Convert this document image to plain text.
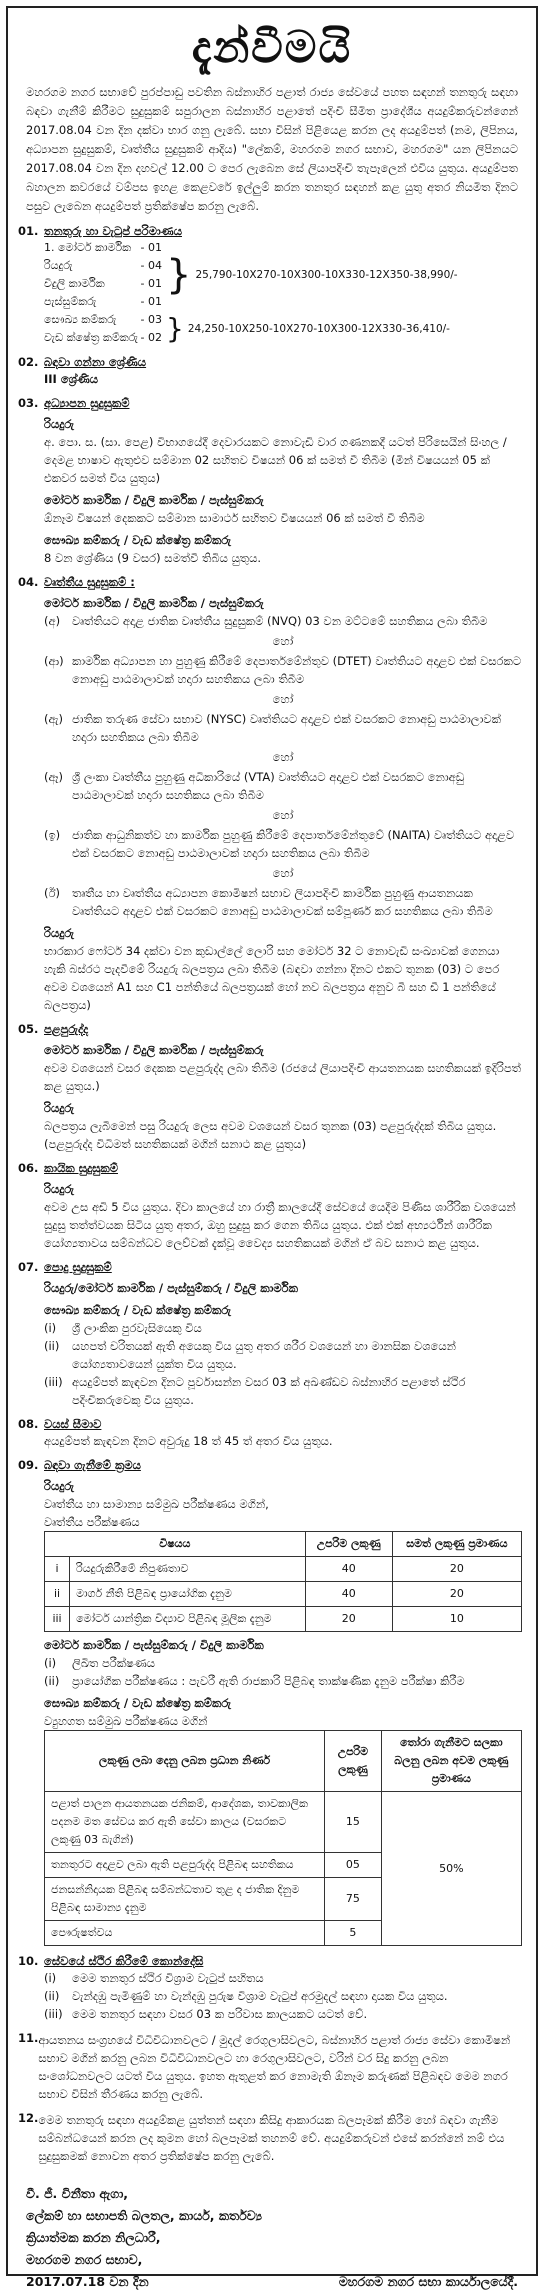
දැන්වීමයි
මහරගම නගර සභාවේ පුරප්පාඩු පවතින බස්නාහිර පළාත් රාජ්‍ය සේවයේ පහත සඳහන් තනතුරු සඳහා බඳවා ගැනීම් කිරීමට සුදුසුකම් සපුරාලන බස්නාහිර පළාතේ පදිංචි සීමිත ප්‍රාදේශීය අයදුම්කරුවන්ගෙන් 2017.08.04 වන දින දක්වා භාර ගනු ලැබේ. සභා විසින් පිළියෙළ කරන ලද අයදුම්පත් (නම, ලිපිනය, අධ්‍යාපන සුදුසුකම්, වෘත්තීය සුදුසුකම් ආදිය) "ලේකම්, මහරගම නගර සභාව, මහරගම" යන ලිපිනයට 2017.08.04 වන දින දහවල් 12.00 ට පෙර ලැබෙන සේ ලියාපදිංචි තැපෑලෙන් එවිය යුතුය. අයදුම්පත බහාලන කවරයේ වම්පස ඉහළ කෙළවරේ ඉල්ලුම් කරන තනතුර සඳහන් කළ යුතු අතර නියමිත දිනට පසුව ලැබෙන අයදුම්පත් ප්‍රතික්ෂේප කරනු ලැබේ.
01. තනතුරු හා වැටුප් පරිමාණය
1. මෝටර් කාර්මික - 01
රියදුරු	- 04
විදුලි කාර්මික	- 01
පැස්සුම්කරු	- 01
} 25,790-10X270-10X300-10X330-12X350-38,990/-
සෞඛ්‍ය කම්කරු - 03
වැඩ ක්ෂේත්‍ර කම්කරු - 02 } 24,250-10X250-10X270-10X300-12X330-36,410/-
02. බඳවා ගන්නා ශ්‍රේණිය
III ශ්‍රේණිය
03. අධ්‍යාපන සුදුසුකම්
රියදුරු
අ. පො. ස. (සා. පෙළ) විභාගයේදී දෙවාරයකට නොවැඩි වාර ගණනකදී යටත් පිරිසෙයින් සිංහල / දෙමළ භාෂාව ඇතුළුව සම්මාන 02 සහිතව විෂයන් 06 ක් සමත් වී තිබීම (මින් විෂයයන් 05 ක් එකවර සමත් විය යුතුය)
මෝටර් කාර්මික / විදුලි කාර්මික / පැස්සුම්කරු
ඕනෑම විෂයන් දෙකකට සම්මාන සාමාර්ථ සහිතව විෂයයන් 06 ක් සමත් වී තිබීම
සෞඛ්‍ය කම්කරු / වැඩ ක්ෂේත්‍ර කම්කරු
8 වන ශ්‍රේණිය (9 වසර) සමත්වී තිබිය යුතුය.
04. වෘත්තීය සුදුසුකම් :
මෝටර් කාර්මික / විදුලි කාර්මික / පැස්සුම්කරු
(අ)	වෘත්තියට අදාළ ජාතික වෘත්තීය සුදුසුකම් (NVQ) 03 වන මට්ටමේ සහතිකය ලබා තිබීම
හෝ
(ආ) කාර්මික අධ්‍යාපන හා පුහුණු කිරීමේ දෙපාර්තමේන්තුව (DTET) වෘත්තියට අදාළව එක් වසරකට නොඅඩු පාඨමාලාවක් හදාරා සහතිකය ලබා තිබීම
හෝ
(ඇ) ජාතික තරුණ සේවා සභාව (NYSC) වෘත්තියට අදාළව එක් වසරකට නොඅඩු පාඨමාලාවක් හදාරා සහතිකය ලබා තිබීම
හෝ
(ඈ) ශ්‍රී ලංකා වෘත්තීය පුහුණු අධිකාරියේ (VTA) වෘත්තියට අදාළව එක් වසරකට නොඅඩු පාඨමාලාවක් හදාරා සහතිකය ලබා තිබීම
හෝ
(ඉ)	ජාතික ආධුනිකත්ව හා කාර්මික පුහුණු කිරීමේ දෙපාර්තමේන්තුවේ (NAITA) වෘත්තියට අදාළව එක් වසරකට නොඅඩු පාඨමාලාවක් හදාරා සහතිකය ලබා තිබීම
හෝ
(ඊ)	තෘතීය හා වෘත්තීය අධ්‍යාපන කොමිෂන් සභාව ලියාපදිංචි කාර්මික පුහුණු ආයතනයක වෘත්තියට අදාළව එක් වසරකට නොඅඩු පාඨමාලාවක් සම්පූර්ණ කර සහතිකය ලබා තිබීම
රියදුරු
භාරකාර ෆෝටර් 34 දක්වා වන කුඩාල්ලේ ලොරි සහ මෝටර් 32 ට නොවැඩි සංඛ්‍යාවක් ගෙනයා හැකි බස්රථ පැදවීමේ රියදුරු බලපත්‍රය ලබා තිබීම (බඳවා ගන්නා දිනට එකට තුනක (03) ට පෙර අවම වශයෙන් A1 සහ C1 පන්තියේ බලපත්‍රයක් හෝ නව බලපත්‍රය අනුව බී සහ ඩී 1 පන්තියේ බලපත්‍රය)
05. පළපුරුද්ද
මෝටර් කාර්මික / විදුලි කාර්මික / පැස්සුම්කරු
අවම වශයෙන් වසර දෙකක පළපුරුද්ද ලබා තිබීම (රජයේ ලියාපදිංචි ආයතනයක සහතිකයක් ඉදිරිපත් කළ යුතුය.)
රියදුරු
බලපත්‍රය ලැබීමෙන් පසු රියදුරු ලෙස අවම වශයෙන් වසර තුනක (03) පළපුරුද්දක් තිබිය යුතුය. (පළපුරුද්ද විධිමත් සහතිකයක් මගින් සනාථ කළ යුතුය)
06. කායික සුදුසුකම්
රියදුරු
අවම උස අඩි 5 විය යුතුය. දිවා කාලයේ හා රාත්‍රී කාලයේදී සේවයේ යෙදීම පිණිස ශාරීරික වශයෙන් සුදුසු තත්ත්වයක සිටිය යුතු අතර, ඔහු සුදුසු කර ගෙන තිබිය යුතුය. එක් එක් අභ්‍යර්ථීන් ශාරීරික යෝග්‍යතාවය සම්බන්ධව ලෙව්වක් දැක්වූ වෛද්‍ය සහතිකයක් මගින් ඒ බව සනාථ කළ යුතුය.
07. පොදු සුදුසුකම්
රියදුරු/මෝටර් කාර්මික / පැස්සුම්කරු / විදුලි කාර්මික
සෞඛ්‍ය කම්කරු / වැඩ ක්ෂේත්‍ර කම්කරු
(i)	ශ්‍රී ලාංකික පුරවැසියෙකු විය
(ii)	යහපත් චරිතයක් ඇති අයෙකු විය යුතු අතර ශරීර වශයෙන් හා මානසික වශයෙන් යෝග්‍යතාවයෙන් යුක්ත විය යුතුය.
(iii) අයදුම්පත් කැඳවන දිනට පූර්වාසන්න වසර 03 ක් අඛණ්ඩව බස්නාහිර පළාතේ ස්ථිර පදිංචිකරුවෙකු විය යුතුය.
08. වයස් සීමාව
අයදුම්පත් කැඳවන දිනට අවුරුදු 18 ත් 45 ත් අතර විය යුතුය.
09. බඳවා ගැනීමේ ක්‍රමය
රියදුරු
වෘත්තීය හා සාමාන්‍ය සම්මුඛ පරීක්ෂණය මගින්,
වෘත්තීය පරීක්ෂණය
විෂයය		උපරිම ලකුණු	සමත් ලකුණු ප්‍රමාණය
i	රියදුරුකිරීමේ නිපුණතාව	40	20
ii	මාර්ග නීති පිළිබඳ ප්‍රායෝගික දැනුම	40	20
iii	මෝටර් යාන්ත්‍රික විද්‍යාව පිළිබඳ මූලික දැනුම	20	10
මෝටර් කාර්මික / පැස්සුම්කරු / විදුලි කාර්මික
(i)	ලිඛිත පරීක්ෂණය
(ii)	ප්‍රායෝගික පරීක්ෂණය : පැවරී ඇති රාජකාරි පිළිබඳ තාක්ෂණික දැනුම පරීක්ෂා කිරීම
සෞඛ්‍ය කම්කරු / වැඩ ක්ෂේත්‍ර කම්කරු
ව්‍යුහගත සම්මුඛ පරීක්ෂණය මගින්
ලකුණු ලබා දෙනු ලබන ප්‍රධාන නිර්ණ	උපරිම ලකුණු	තෝරා ගැනීමට සලකා බලනු ලබන අවම ලකුණු ප්‍රමාණය
පළාත් පාලන ආයතනයක ජනිකම්, ආදේශක, තාවකාලික පදනම මත සේවය කර ඇති සේවා කාලය (වසරකට ලකුණු 03 බැගින්)	15	50%
තනතුරට අදාළව ලබා ඇති පළපුරුද්ද පිළිබඳ සහතිකය	05	
ජනසන්නිදායක පිළිබඳ සම්බන්ධතාව තුළ ද ජාතික දිනුම පිළිබඳ සාමාන්‍ය දැනුම	75	
පෞරුෂත්වය	5	
10. සේවයේ ස්ථිර කිරීමේ කොන්දේසි
(i)	මෙම තනතුර ස්ථිර විශ්‍රාම වැටුප් සහිතය
(ii)	වැන්දඹු පැමිණුම් හා වැන්දඹු පුරුෂ විශ්‍රාම වැටුප් අරමුදල් සඳහා දායක විය යුතුය.
(iii) මෙම තනතුර සඳහා වසර 03 ක පරිවාස කාලයකට යටත් වේ.
11. ආයතනය සංග්‍රහයේ විධිවිධානවලට / මුදල් රෙගුලාසිවලට, බස්නාහිර පළාත් රාජ්‍ය සේවා කොමිෂන් සභාව මගින් කරනු ලබන විධිවිධානවලට හා රෙගුලාසිවලට, වරින් වර සිදු කරනු ලබන සංශෝධනවලට යටත් විය යුතුය. ඉහත ඇතුළත් කර නොමැති ඕනෑම කරුණක් පිළිබඳව මෙම නගර සභාව විසින් තීරණය කරනු ලැබේ.
12. මෙම තනතුරු සඳහා අයදුම්කළ යුත්තන් සඳහා කිසිදු ආකාරයක බලපෑමක් කිරීම හෝ බඳවා ගැනීම සම්බන්ධයෙන් කරන ලද කුමන හෝ බලපෑමක් තහනම් වේ. අයදුම්කරුවන් එසේ කරන්නේ නම් එය සුදුසුකමක් නොවන අතර ප්‍රතික්ෂේප කරනු ලැබේ.
වී. ජී. විනීතා ඇගා,
ලේකම් හා සභාපති බලතල, කාර්ය, කර්තව්‍ය
ක්‍රියාත්මක කරන නිලධාරී,
මහරගම නගර සභාව,
2017.07.18 වන දින	මහරගම නගර සභා කාර්යාලයේදී.
